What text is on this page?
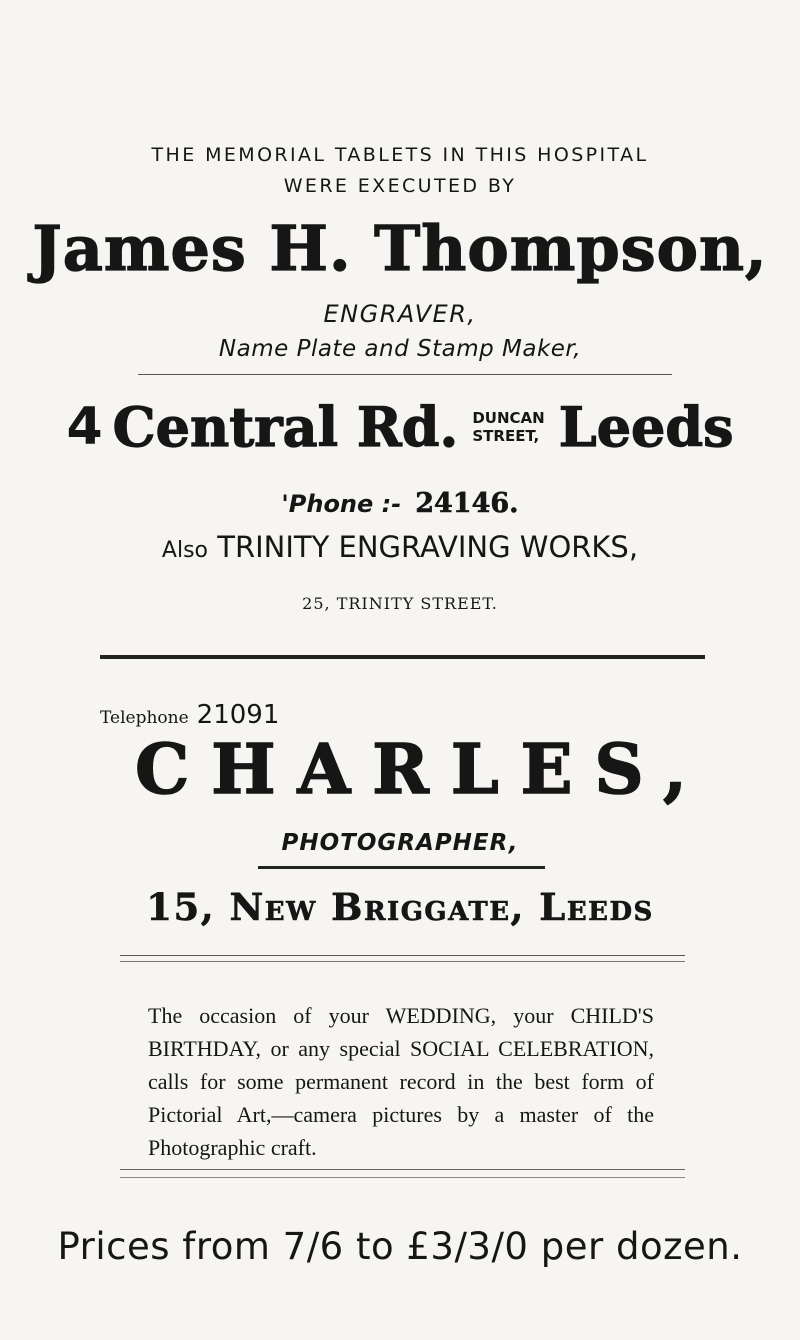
THE MEMORIAL TABLETS IN THIS HOSPITAL
WERE EXECUTED BY
James H. Thompson,
ENGRAVER,
Name Plate and Stamp Maker,
4 Central Rd. DUNCAN
STREET, Leeds
'Phone :- 24146.
Also TRINITY ENGRAVING WORKS,
25, TRINITY STREET.
Telephone 21091
CHARLES,
PHOTOGRAPHER,
15, New Briggate, Leeds
The occasion of your WEDDING, your CHILD'S BIRTHDAY, or any special SOCIAL CELEBRATION, calls for some permanent record in the best form of Pictorial Art,—camera pictures by a master of the Photographic craft.
Prices from 7/6 to £3/3/0 per dozen.
